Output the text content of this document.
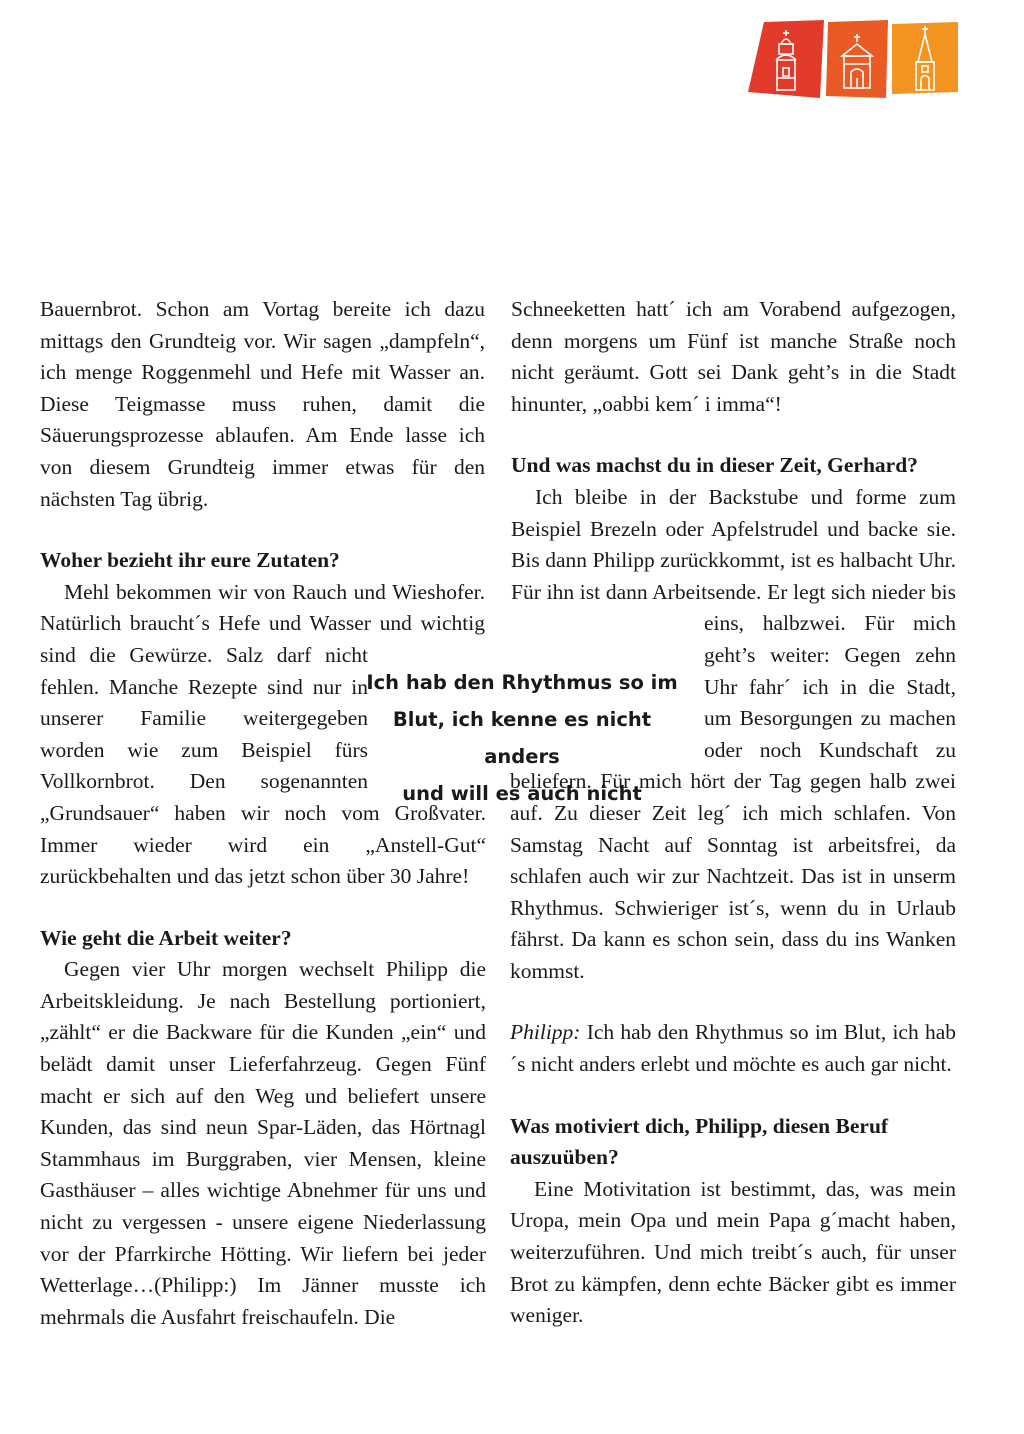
Bauernbrot. Schon am Vortag bereite ich dazu mittags den Grundteig vor. Wir sagen „dampfeln“, ich menge Roggenmehl und Hefe mit Wasser an. Diese Teigmasse muss ruhen, damit die Säuerungsprozesse ablaufen. Am Ende lasse ich von diesem Grundteig immer etwas für den nächsten Tag übrig.

Woher bezieht ihr eure Zutaten?

Mehl bekommen wir von Rauch und Wieshofer. Natürlich braucht´s Hefe und Wasser und wichtig sind die Gewürze. Salz darf nicht fehlen. Manche Rezepte sind nur in unserer Familie weitergegeben worden wie zum Beispiel fürs Vollkornbrot. Den sogenannten „Grundsauer“ haben wir noch vom Großvater. Immer wieder wird ein „Anstell-Gut“ zurückbehalten und das jetzt schon über 30 Jahre!

Wie geht die Arbeit weiter?

Gegen vier Uhr morgen wechselt Philipp die Arbeitskleidung. Je nach Bestellung portioniert, „zählt“ er die Backware für die Kunden „ein“ und belädt damit unser Lieferfahrzeug. Gegen Fünf macht er sich auf den Weg und beliefert unsere Kunden, das sind neun Spar-Läden, das Hörtnagl Stammhaus im Burggraben, vier Mensen, kleine Gasthäuser – alles wichtige Abnehmer für uns und nicht zu vergessen - unsere eigene Niederlassung vor der Pfarrkirche Hötting. Wir liefern bei jeder Wetterlage…(Philipp:) Im Jänner musste ich mehrmals die Ausfahrt freischaufeln. Die

Schneeketten hatt´ ich am Vorabend aufgezogen, denn morgens um Fünf ist manche Straße noch nicht geräumt. Gott sei Dank geht’s in die Stadt hinunter, „oabbi kem´ i imma“!

Und was machst du in dieser Zeit, Gerhard?

Ich bleibe in der Backstube und forme zum Beispiel Brezeln oder Apfelstrudel und backe sie. Bis dann Philipp zurückkommt, ist es halbacht Uhr. Für ihn ist dann Arbeitsende. Er legt sich nieder bis eins, halbzwei. Für mich geht’s weiter: Gegen zehn Uhr fahr´ ich in die Stadt, um Besorgungen zu machen oder noch Kundschaft zu beliefern. Für mich hört der Tag gegen halb zwei auf. Zu dieser Zeit leg´ ich mich schlafen. Von Samstag Nacht auf Sonntag ist arbeitsfrei, da schlafen auch wir zur Nachtzeit. Das ist in unserm Rhythmus. Schwieriger ist´s, wenn du in Urlaub fährst. Da kann es schon sein, dass du ins Wanken kommst.

Philipp: Ich hab den Rhythmus so im Blut, ich hab´s nicht anders erlebt und möchte es auch gar nicht.

Was motiviert dich, Philipp, diesen Beruf auszuüben?

Eine Motivitation ist bestimmt, das, was mein Uropa, mein Opa und mein Papa g´macht haben, weiterzuführen. Und mich treibt´s auch, für unser Brot zu kämpfen, denn echte Bäcker gibt es immer weniger.

Ich hab den Rhythmus so im
Blut, ich kenne es nicht anders
und will es auch nicht
